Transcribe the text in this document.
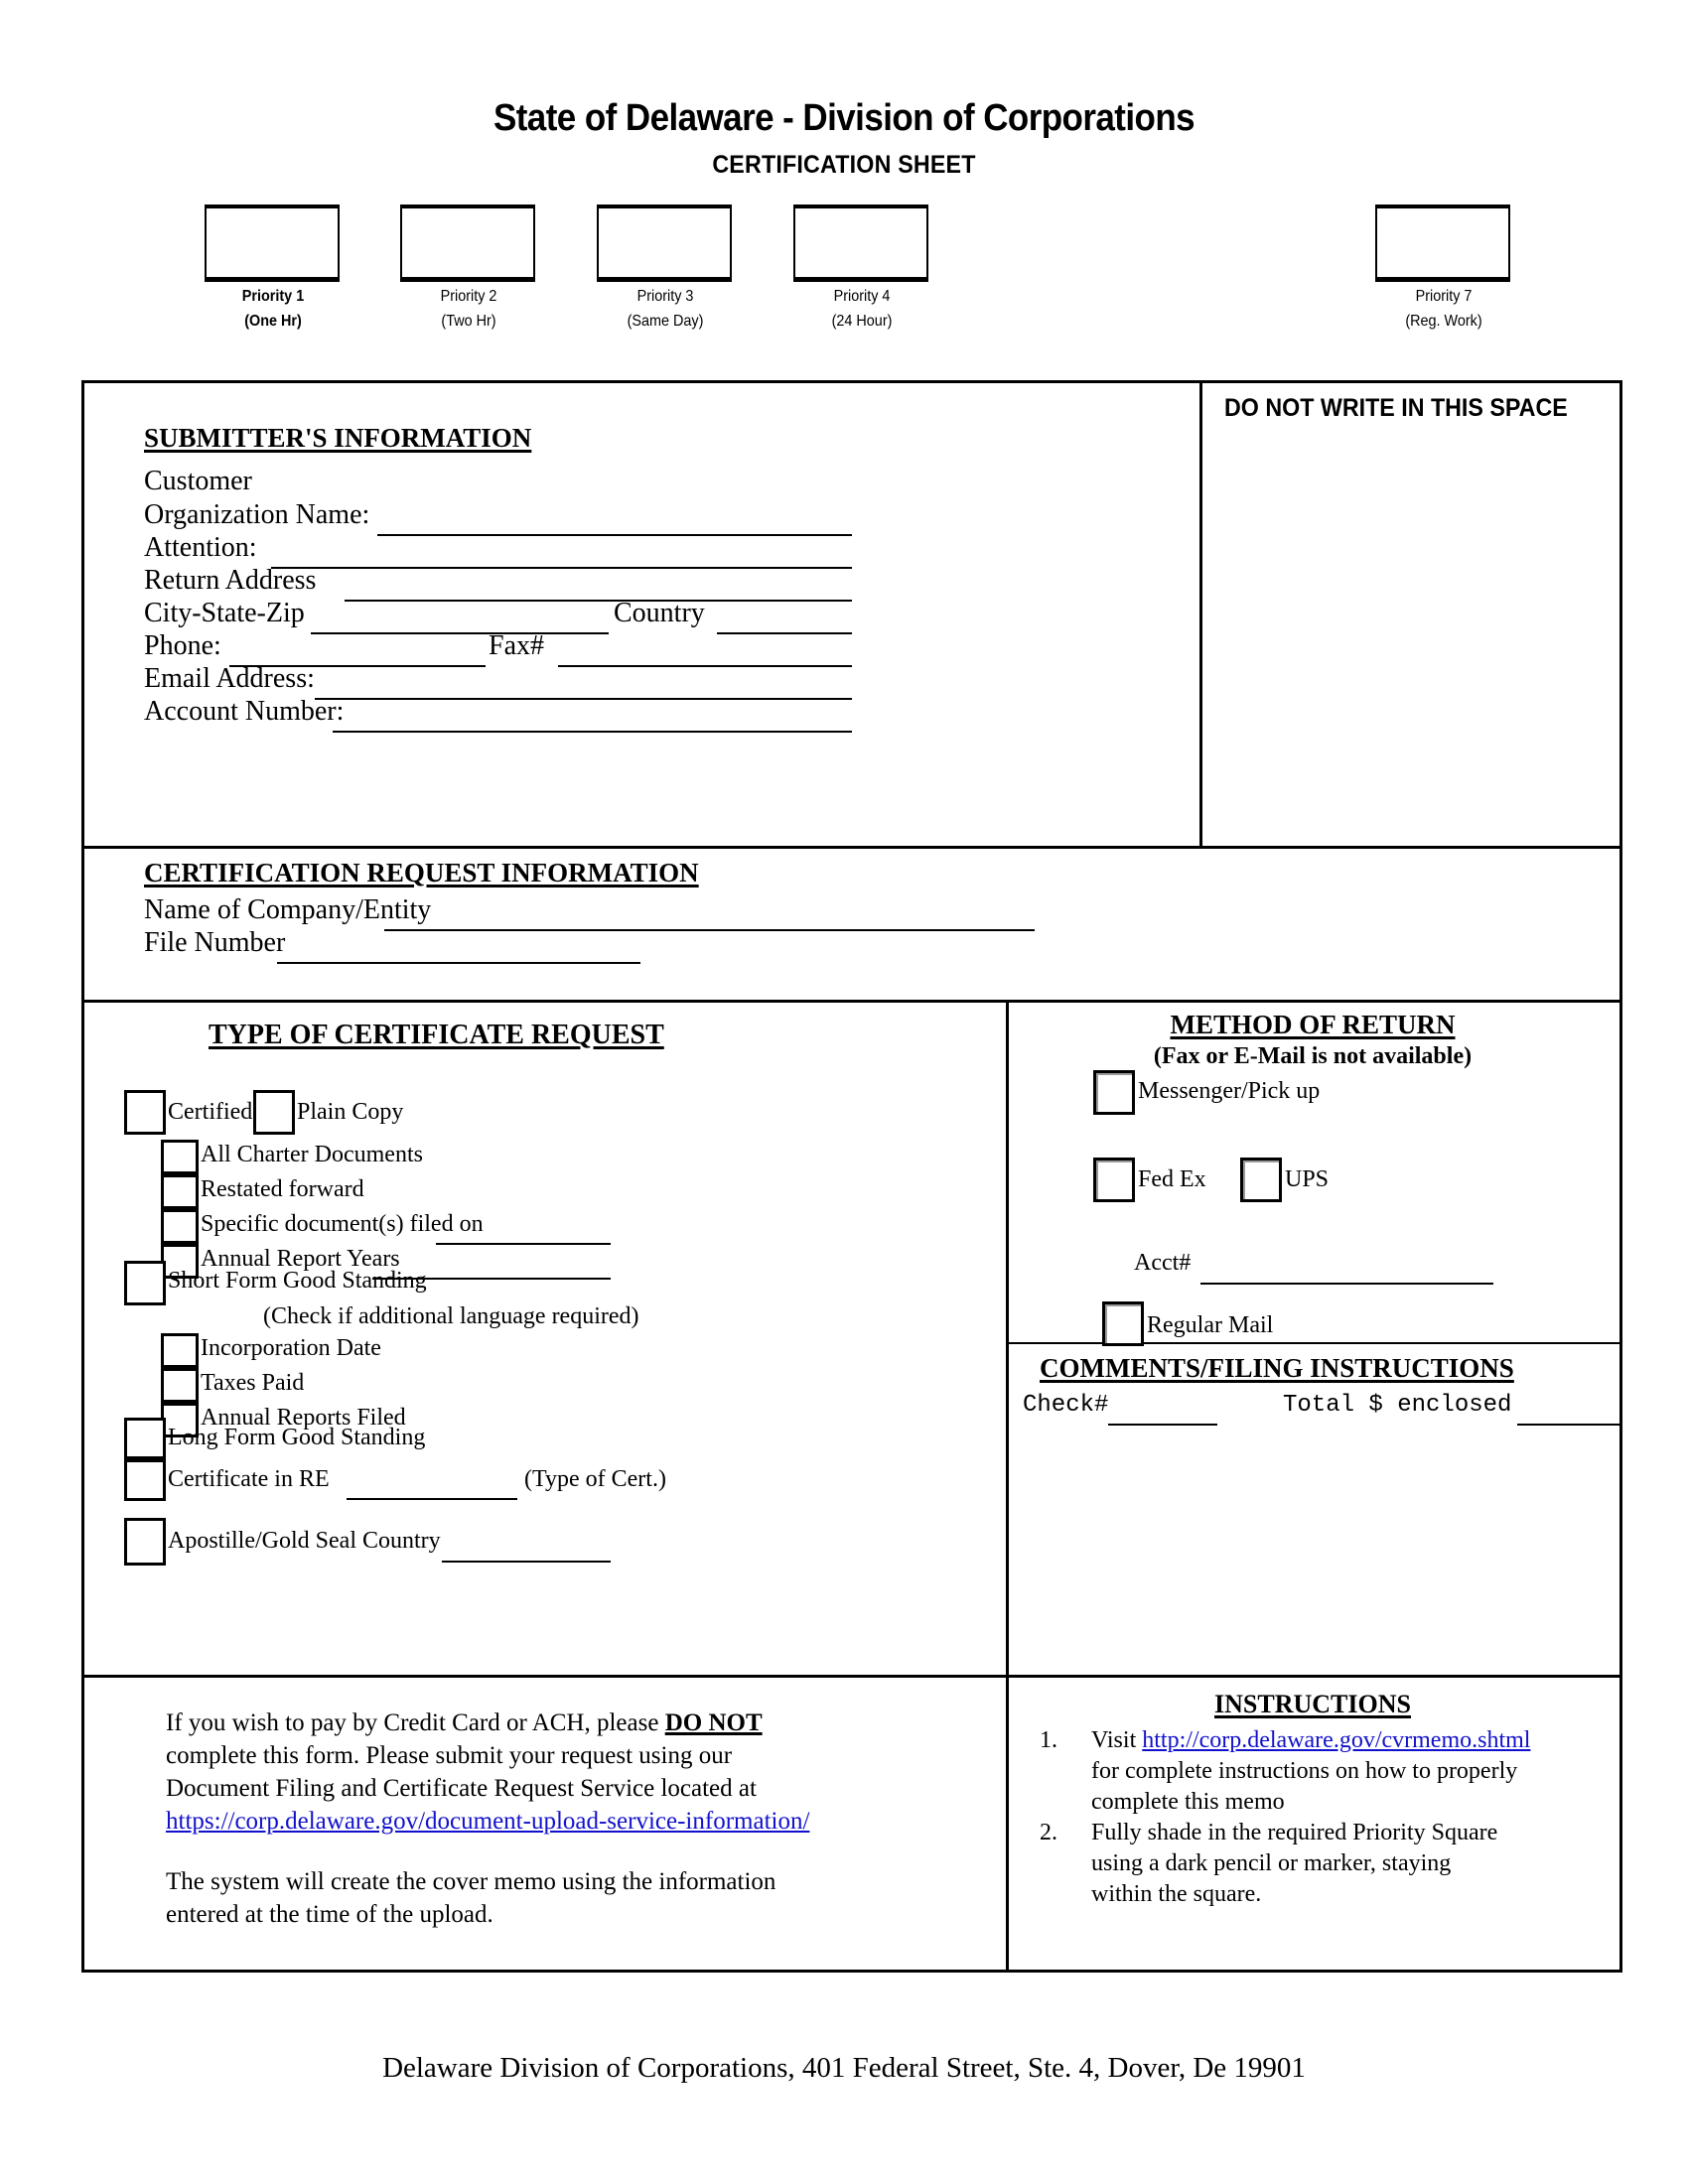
State of Delaware - Division of Corporations
CERTIFICATION SHEET
Priority 1
(One Hr)
Priority 2
(Two Hr)
Priority 3
(Same Day)
Priority 4
(24 Hour)
Priority 7
(Reg. Work)
SUBMITTER'S INFORMATION
Customer
Organization Name:
Attention:
Return Address
City-State-Zip	Country
Phone:	Fax#
Email Address:
Account Number:
DO NOT WRITE IN THIS SPACE
CERTIFICATION REQUEST INFORMATION
Name of Company/Entity
File Number
TYPE OF CERTIFICATE REQUEST
Certified Plain Copy
All Charter Documents
Restated forward
Specific document(s) filed on
Annual Report Years
Short Form Good Standing
(Check if additional language required)
Incorporation Date
Taxes Paid
Annual Reports Filed
Long Form Good Standing
Certificate in RE	(Type of Cert.)
Apostille/Gold Seal Country
METHOD OF RETURN
(Fax or E-Mail is not available)
Messenger/Pick up
Fed Ex	UPS
Acct#
Regular Mail
COMMENTS/FILING INSTRUCTIONS
Check#	Total $ enclosed
If you wish to pay by Credit Card or ACH, please DO NOT
complete this form. Please submit your request using our
Document Filing and Certificate Request Service located at
https://corp.delaware.gov/document-upload-service-information/
The system will create the cover memo using the information
entered at the time of the upload.
INSTRUCTIONS
1.	Visit http://corp.delaware.gov/cvrmemo.shtml
for complete instructions on how to properly
complete this memo
2.	Fully shade in the required Priority Square
using a dark pencil or marker, staying
within the square.
Delaware Division of Corporations, 401 Federal Street, Ste. 4, Dover, De 19901
